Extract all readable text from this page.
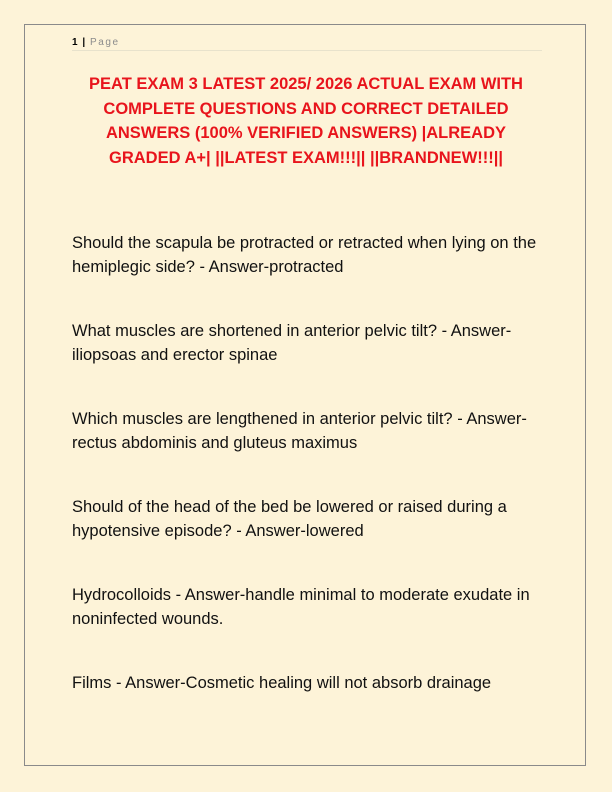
1 | Page
PEAT EXAM 3 LATEST 2025/ 2026 ACTUAL EXAM WITH COMPLETE QUESTIONS AND CORRECT DETAILED ANSWERS (100% VERIFIED ANSWERS) |ALREADY GRADED A+| ||LATEST EXAM!!!|| ||BRANDNEW!!!||
Should the scapula be protracted or retracted when lying on the hemiplegic side? - Answer-protracted
What muscles are shortened in anterior pelvic tilt? - Answer-iliopsoas and erector spinae
Which muscles are lengthened in anterior pelvic tilt? - Answer-rectus abdominis and gluteus maximus
Should of the head of the bed be lowered or raised during a hypotensive episode? - Answer-lowered
Hydrocolloids - Answer-handle minimal to moderate exudate in noninfected wounds.
Films - Answer-Cosmetic healing will not absorb drainage
